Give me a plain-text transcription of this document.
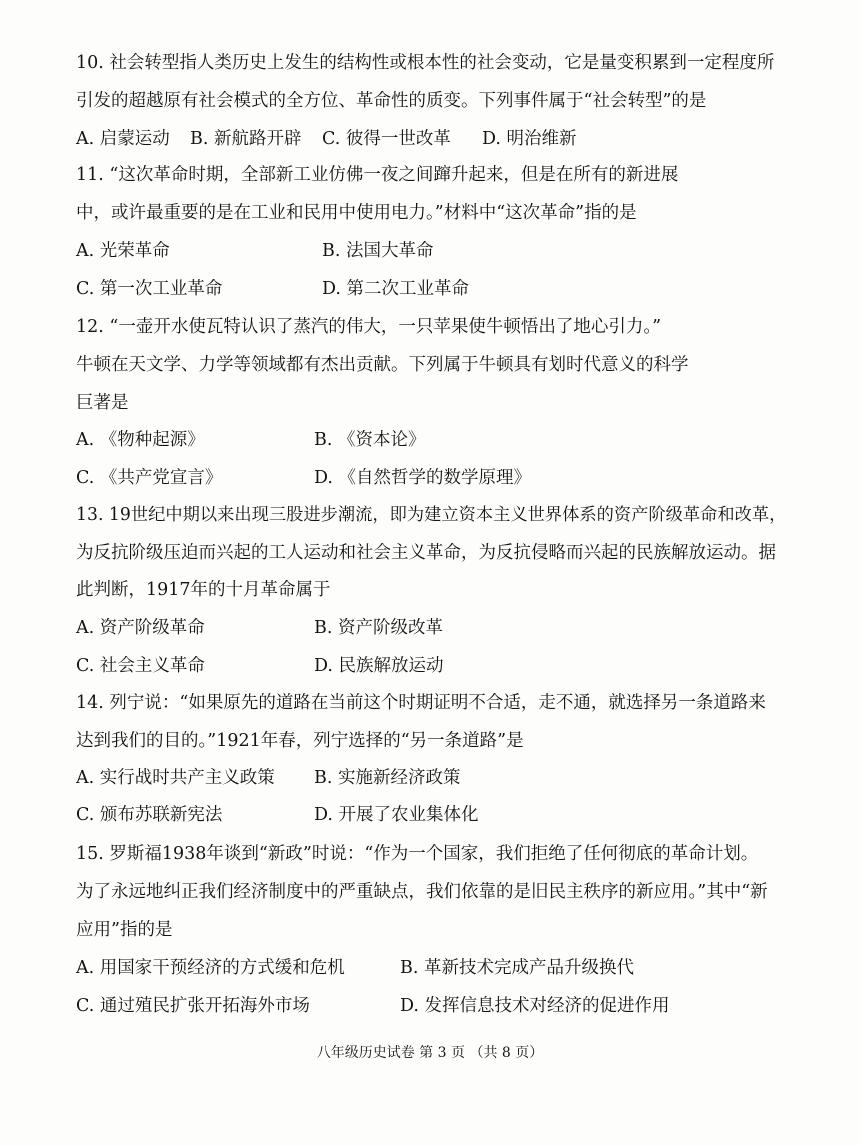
10. 社会转型指人类历史上发生的结构性或根本性的社会变动，它是量变积累到一定程度所

引发的超越原有社会模式的全方位、革命性的质变。下列事件属于“社会转型”的是

A. 启蒙运动 B. 新航路开辟 C. 彼得一世改革 D. 明治维新

11. “这次革命时期，全部新工业仿佛一夜之间蹿升起来，但是在所有的新进展

中，或许最重要的是在工业和民用中使用电力。”材料中“这次革命”指的是

A. 光荣革命	B. 法国大革命

C. 第一次工业革命	D. 第二次工业革命

12. “一壶开水使瓦特认识了蒸汽的伟大，一只苹果使牛顿悟出了地心引力。”

牛顿在天文学、力学等领域都有杰出贡献。下列属于牛顿具有划时代意义的科学

巨著是

A. 《物种起源》	B. 《资本论》

C. 《共产党宣言》	D. 《自然哲学的数学原理》

13. 19世纪中期以来出现三股进步潮流，即为建立资本主义世界体系的资产阶级革命和改革，

为反抗阶级压迫而兴起的工人运动和社会主义革命，为反抗侵略而兴起的民族解放运动。据

此判断，1917年的十月革命属于

A. 资产阶级革命	B. 资产阶级改革

C. 社会主义革命	D. 民族解放运动

14. 列宁说：“如果原先的道路在当前这个时期证明不合适，走不通，就选择另一条道路来

达到我们的目的。”1921年春，列宁选择的“另一条道路”是

A. 实行战时共产主义政策 B. 实施新经济政策

C. 颁布苏联新宪法	D. 开展了农业集体化

15. 罗斯福1938年谈到“新政”时说：“作为一个国家，我们拒绝了任何彻底的革命计划。

为了永远地纠正我们经济制度中的严重缺点，我们依靠的是旧民主秩序的新应用。”其中“新

应用”指的是

A. 用国家干预经济的方式缓和危机	B. 革新技术完成产品升级换代

C. 通过殖民扩张开拓海外市场	D. 发挥信息技术对经济的促进作用

八年级历史试卷 第 3 页 （共 8 页）
